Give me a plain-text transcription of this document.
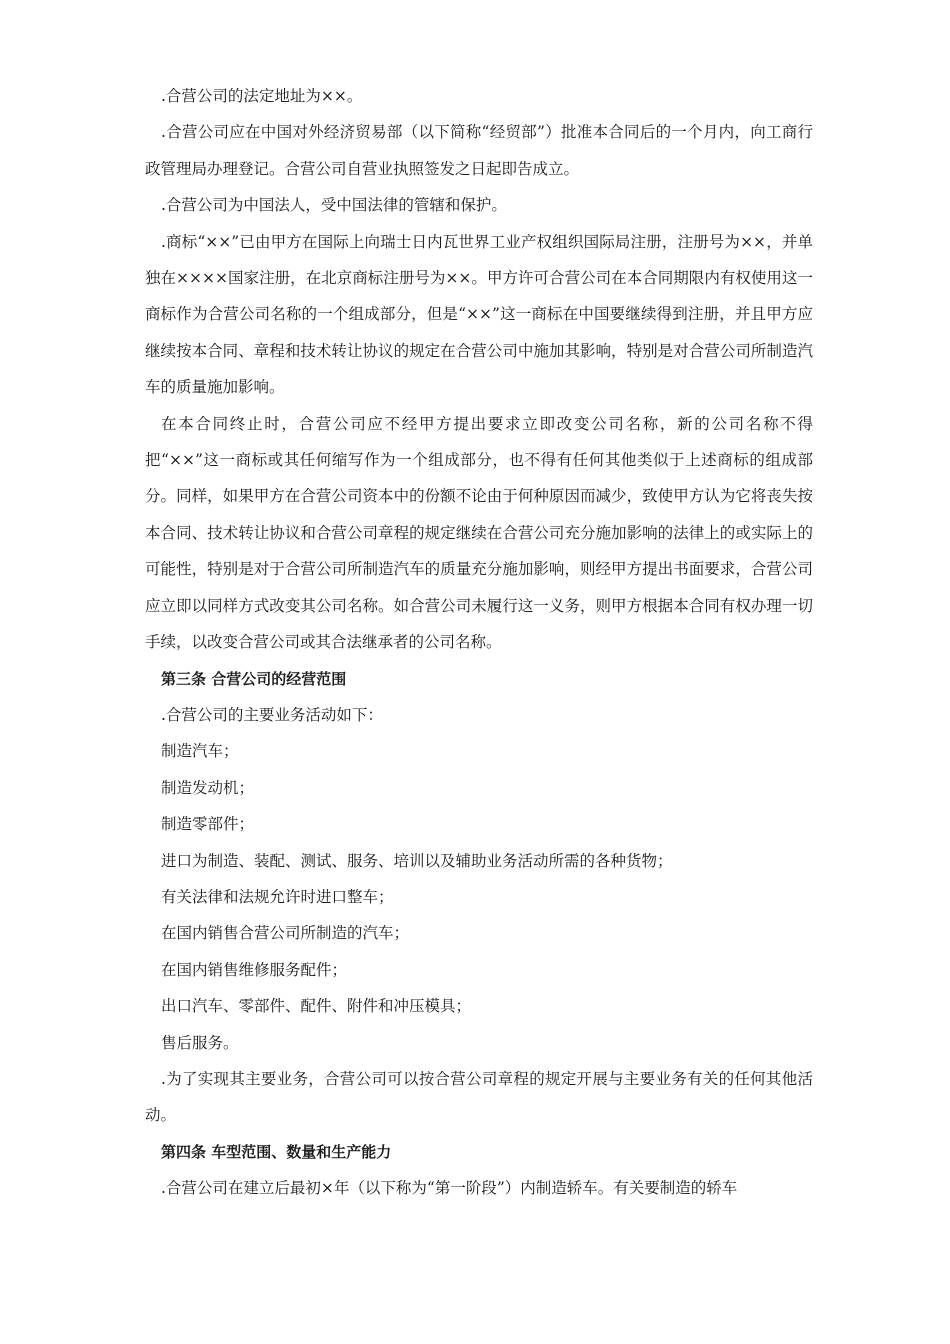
.合营公司的法定地址为××。

.合营公司应在中国对外经济贸易部（以下简称“经贸部”）批准本合同后的一个月内，向工商行政管理局办理登记。合营公司自营业执照签发之日起即告成立。

.合营公司为中国法人，受中国法律的管辖和保护。

.商标“××”已由甲方在国际上向瑞士日内瓦世界工业产权组织国际局注册，注册号为××，并单独在××××国家注册，在北京商标注册号为××。甲方许可合营公司在本合同期限内有权使用这一商标作为合营公司名称的一个组成部分，但是“××”这一商标在中国要继续得到注册，并且甲方应继续按本合同、章程和技术转让协议的规定在合营公司中施加其影响，特别是对合营公司所制造汽车的质量施加影响。

在本合同终止时，合营公司应不经甲方提出要求立即改变公司名称，新的公司名称不得把“××”这一商标或其任何缩写作为一个组成部分，也不得有任何其他类似于上述商标的组成部分。同样，如果甲方在合营公司资本中的份额不论由于何种原因而减少，致使甲方认为它将丧失按本合同、技术转让协议和合营公司章程的规定继续在合营公司充分施加影响的法律上的或实际上的可能性，特别是对于合营公司所制造汽车的质量充分施加影响，则经甲方提出书面要求，合营公司应立即以同样方式改变其公司名称。如合营公司未履行这一义务，则甲方根据本合同有权办理一切手续，以改变合营公司或其合法继承者的公司名称。

第三条 合营公司的经营范围

.合营公司的主要业务活动如下：

制造汽车；

制造发动机；

制造零部件；

进口为制造、装配、测试、服务、培训以及辅助业务活动所需的各种货物；

有关法律和法规允许时进口整车；

在国内销售合营公司所制造的汽车；

在国内销售维修服务配件；

出口汽车、零部件、配件、附件和冲压模具；

售后服务。

.为了实现其主要业务，合营公司可以按合营公司章程的规定开展与主要业务有关的任何其他活动。

第四条 车型范围、数量和生产能力

.合营公司在建立后最初×年（以下称为“第一阶段”）内制造轿车。有关要制造的轿车
